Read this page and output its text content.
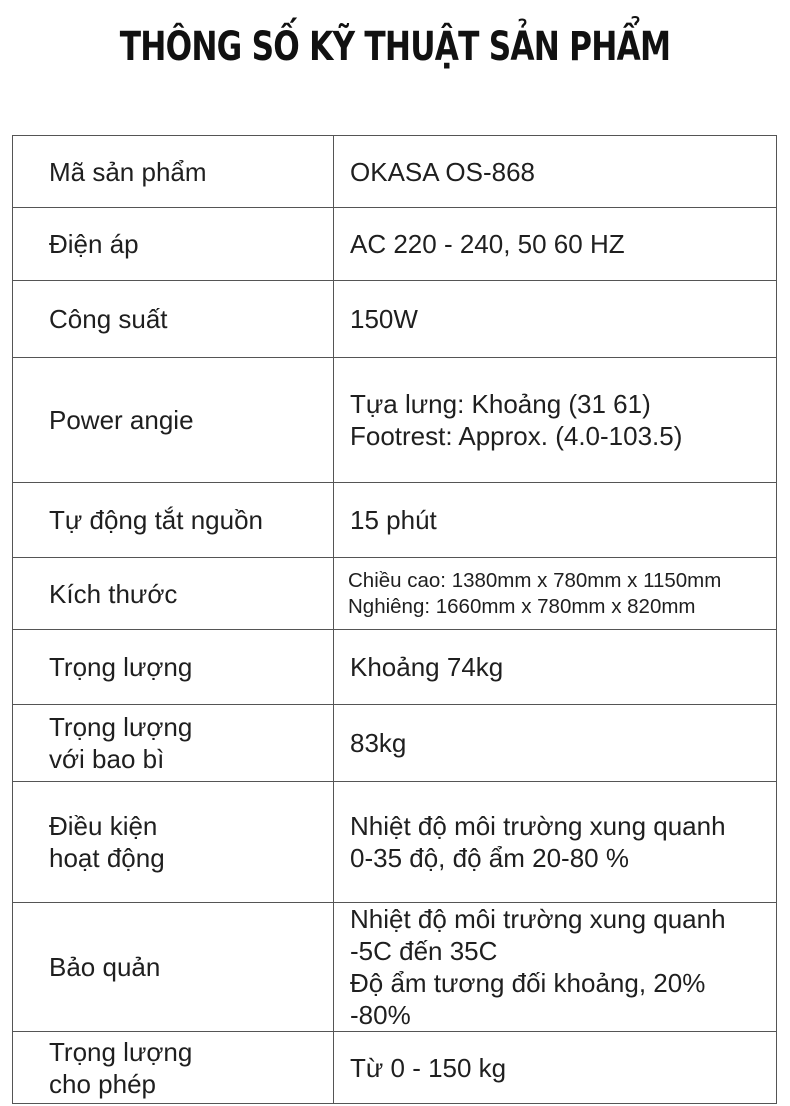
THÔNG SỐ KỸ THUẬT SẢN PHẨM
Mã sản phẩm	OKASA OS-868
Điện áp	AC 220 - 240, 50 60 HZ
Công suất	150W
Power angie	Tựa lưng: Khoảng (31 61)
Footrest: Approx. (4.0-103.5)
Tự động tắt nguồn	15 phút
Kích thước	Chiều cao: 1380mm x 780mm x 1150mm
Nghiêng: 1660mm x 780mm x 820mm

Trọng lượng	Khoảng 74kg
Trọng lượng
với bao bì	83kg
Điều kiện
hoạt động	Nhiệt độ môi trường xung quanh
0-35 độ, độ ẩm 20-80 %
Bảo quản	Nhiệt độ môi trường xung quanh
-5C đến 35C
Độ ẩm tương đối khoảng, 20% -80%
Trọng lượng
cho phép	Từ 0 - 150 kg
